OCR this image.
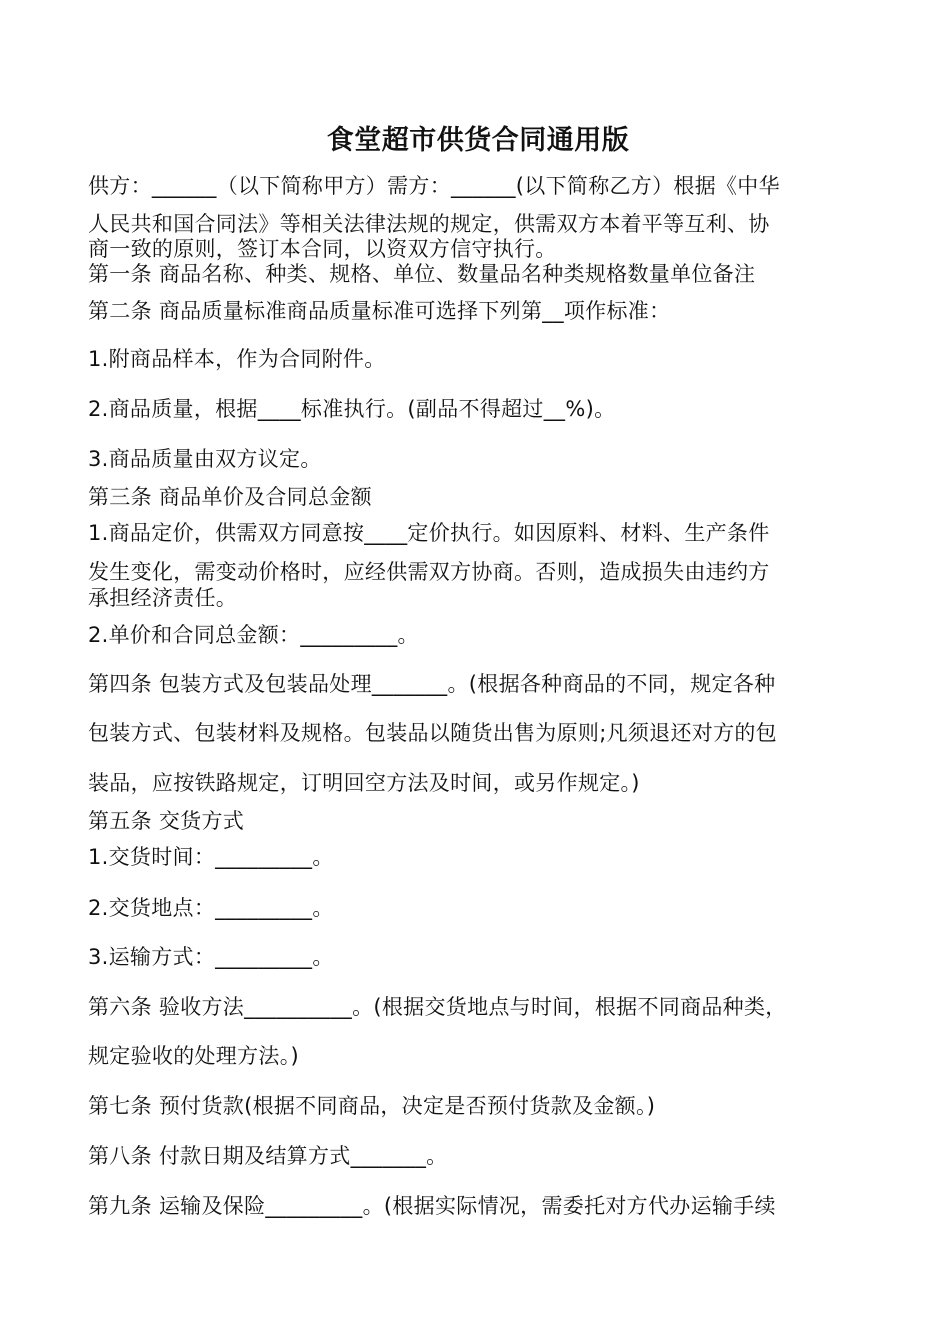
食堂超市供货合同通用版
供方：______（以下简称甲方）需方：______(以下简称乙方）根据《中华
人民共和国合同法》等相关法律法规的规定，供需双方本着平等互利、协
商一致的原则，签订本合同，以资双方信守执行。
第一条 商品名称、种类、规格、单位、数量品名种类规格数量单位备注
第二条 商品质量标准商品质量标准可选择下列第__项作标准：
1.附商品样本，作为合同附件。
2.商品质量，根据____标准执行。(副品不得超过__%)。
3.商品质量由双方议定。
第三条 商品单价及合同总金额
1.商品定价，供需双方同意按____定价执行。如因原料、材料、生产条件
发生变化，需变动价格时，应经供需双方协商。否则，造成损失由违约方
承担经济责任。
2.单价和合同总金额：_________。
第四条 包装方式及包装品处理_______。(根据各种商品的不同，规定各种
包装方式、包装材料及规格。包装品以随货出售为原则;凡须退还对方的包
装品，应按铁路规定，订明回空方法及时间，或另作规定。)
第五条 交货方式
1.交货时间：_________。
2.交货地点：_________。
3.运输方式：_________。
第六条 验收方法__________。(根据交货地点与时间，根据不同商品种类，
规定验收的处理方法。)
第七条 预付货款(根据不同商品，决定是否预付货款及金额。)
第八条 付款日期及结算方式_______。
第九条 运输及保险_________。(根据实际情况，需委托对方代办运输手续
